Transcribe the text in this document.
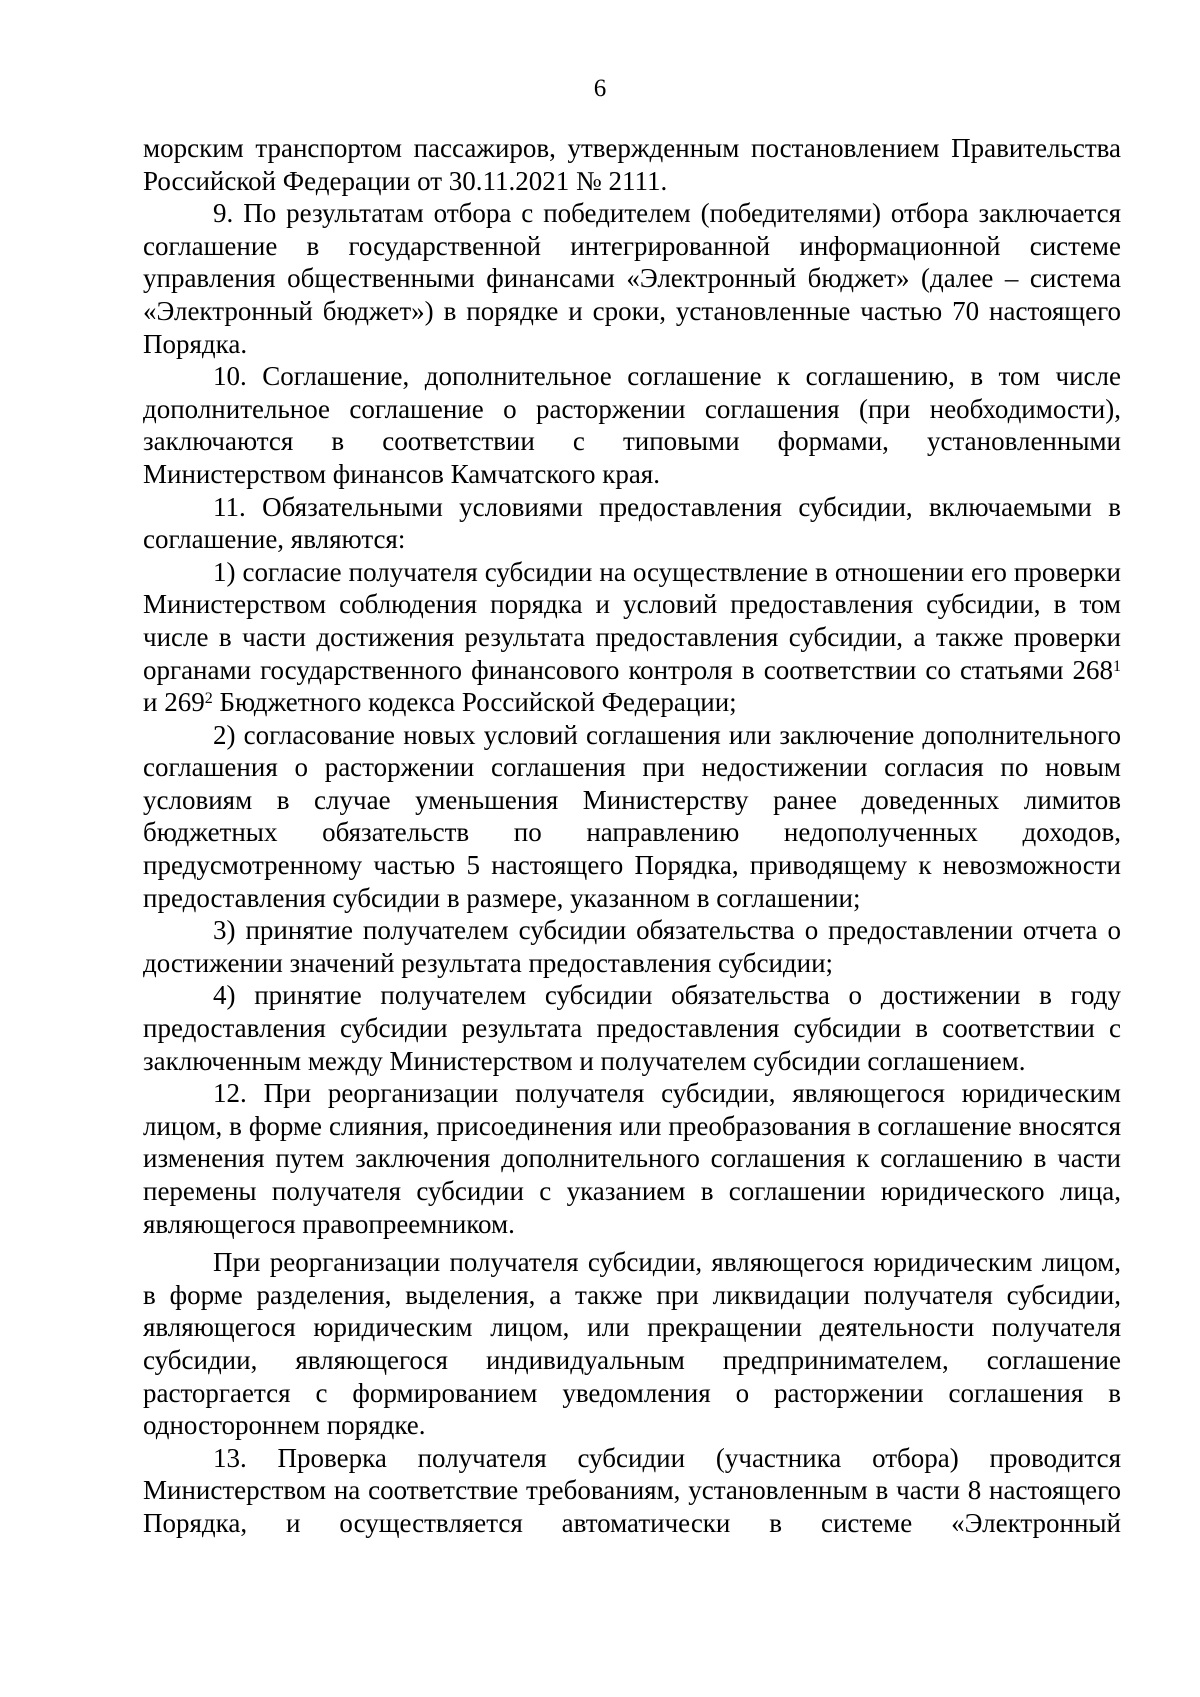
6

морским транспортом пассажиров, утвержденным постановлением Правительства Российской Федерации от 30.11.2021 № 2111.

9. По результатам отбора с победителем (победителями) отбора заключается соглашение в государственной интегрированной информационной системе управления общественными финансами «Электронный бюджет» (далее – система «Электронный бюджет») в порядке и сроки, установленные частью 70 настоящего Порядка.

10. Соглашение, дополнительное соглашение к соглашению, в том числе дополнительное соглашение о расторжении соглашения (при необходимости), заключаются в соответствии с типовыми формами, установленными Министерством финансов Камчатского края.

11. Обязательными условиями предоставления субсидии, включаемыми в соглашение, являются:

1) согласие получателя субсидии на осуществление в отношении его проверки Министерством соблюдения порядка и условий предоставления субсидии, в том числе в части достижения результата предоставления субсидии, а также проверки органами государственного финансового контроля в соответствии со статьями $268^1$ и $269^2$ Бюджетного кодекса Российской Федерации;

2) согласование новых условий соглашения или заключение дополнительного соглашения о расторжении соглашения при недостижении согласия по новым условиям в случае уменьшения Министерству ранее доведенных лимитов бюджетных обязательств по направлению недополученных доходов, предусмотренному частью 5 настоящего Порядка, приводящему к невозможности предоставления субсидии в размере, указанном в соглашении;

3) принятие получателем субсидии обязательства о предоставлении отчета о достижении значений результата предоставления субсидии;

4) принятие получателем субсидии обязательства о достижении в году предоставления субсидии результата предоставления субсидии в соответствии с заключенным между Министерством и получателем субсидии соглашением.

12. При реорганизации получателя субсидии, являющегося юридическим лицом, в форме слияния, присоединения или преобразования в соглашение вносятся изменения путем заключения дополнительного соглашения к соглашению в части перемены получателя субсидии с указанием в соглашении юридического лица, являющегося правопреемником.

При реорганизации получателя субсидии, являющегося юридическим лицом, в форме разделения, выделения, а также при ликвидации получателя субсидии, являющегося юридическим лицом, или прекращении деятельности получателя субсидии, являющегося индивидуальным предпринимателем, соглашение расторгается с формированием уведомления о расторжении соглашения в одностороннем порядке.

13. Проверка получателя субсидии (участника отбора) проводится Министерством на соответствие требованиям, установленным в части 8 настоящего Порядка, и осуществляется автоматически в системе «Электронный
